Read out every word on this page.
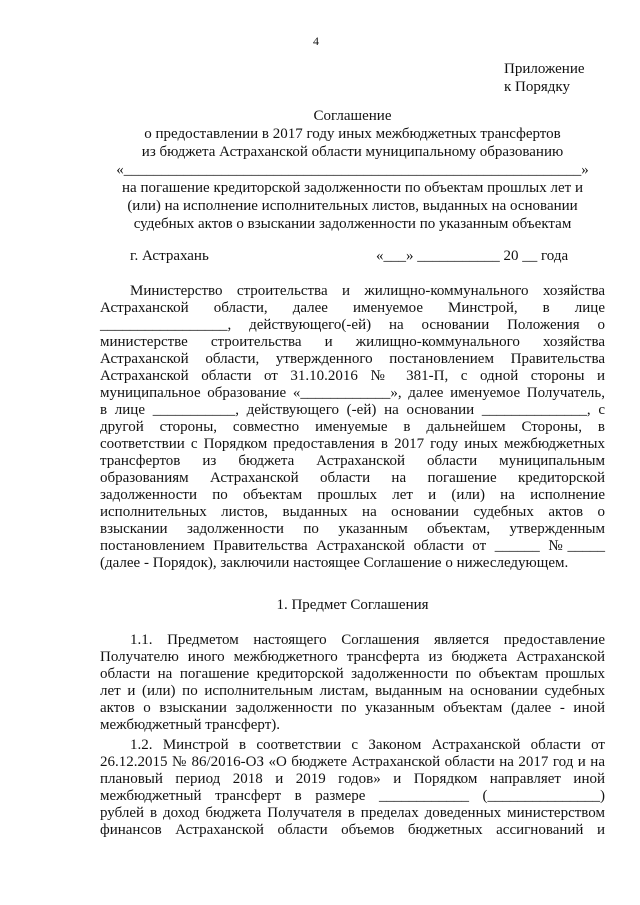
4
Приложение
к Порядку
Соглашение
о предоставлении в 2017 году иных межбюджетных трансфертов
из бюджета Астраханской области муниципальному образованию
«_____________________________________________________________»
на погашение кредиторской задолженности по объектам прошлых лет и
(или) на исполнение исполнительных листов, выданных на основании
судебных актов о взыскании задолженности по указанным объектам
г. Астрахань	«___» ___________ 20 __ года
Министерство строительства и жилищно-коммунального хозяйства
Астраханской области, далее именуемое Минстрой, в лице
_________________, действующего(-ей) на основании Положения о
министерстве строительства и жилищно-коммунального хозяйства
Астраханской области, утвержденного постановлением Правительства
Астраханской области от 31.10.2016 № 381-П, с одной стороны и
муниципальное образование «____________», далее именуемое Получатель,
в лице ___________, действующего (-ей) на основании ______________, с
другой стороны, совместно именуемые в дальнейшем Стороны, в
соответствии с Порядком предоставления в 2017 году иных межбюджетных
трансфертов из бюджета Астраханской области муниципальным
образованиям Астраханской области на погашение кредиторской
задолженности по объектам прошлых лет и (или) на исполнение
исполнительных листов, выданных на основании судебных актов о
взыскании задолженности по указанным объектам, утвержденным
постановлением Правительства Астраханской области от ______ №_____
(далее - Порядок), заключили настоящее Соглашение о нижеследующем.
1. Предмет Соглашения
1.1. Предметом настоящего Соглашения является предоставление
Получателю иного межбюджетного трансферта из бюджета Астраханской
области на погашение кредиторской задолженности по объектам прошлых
лет и (или) по исполнительным листам, выданным на основании судебных
актов о взыскании задолженности по указанным объектам (далее - иной
межбюджетный трансферт).
1.2. Минстрой в соответствии с Законом Астраханской области от
26.12.2015 № 86/2016-ОЗ «О бюджете Астраханской области на 2017 год и на
плановый период 2018 и 2019 годов» и Порядком направляет иной
межбюджетный трансферт в размере ____________ (_______________)
рублей в доход бюджета Получателя в пределах доведенных министерством
финансов Астраханской области объемов бюджетных ассигнований и
